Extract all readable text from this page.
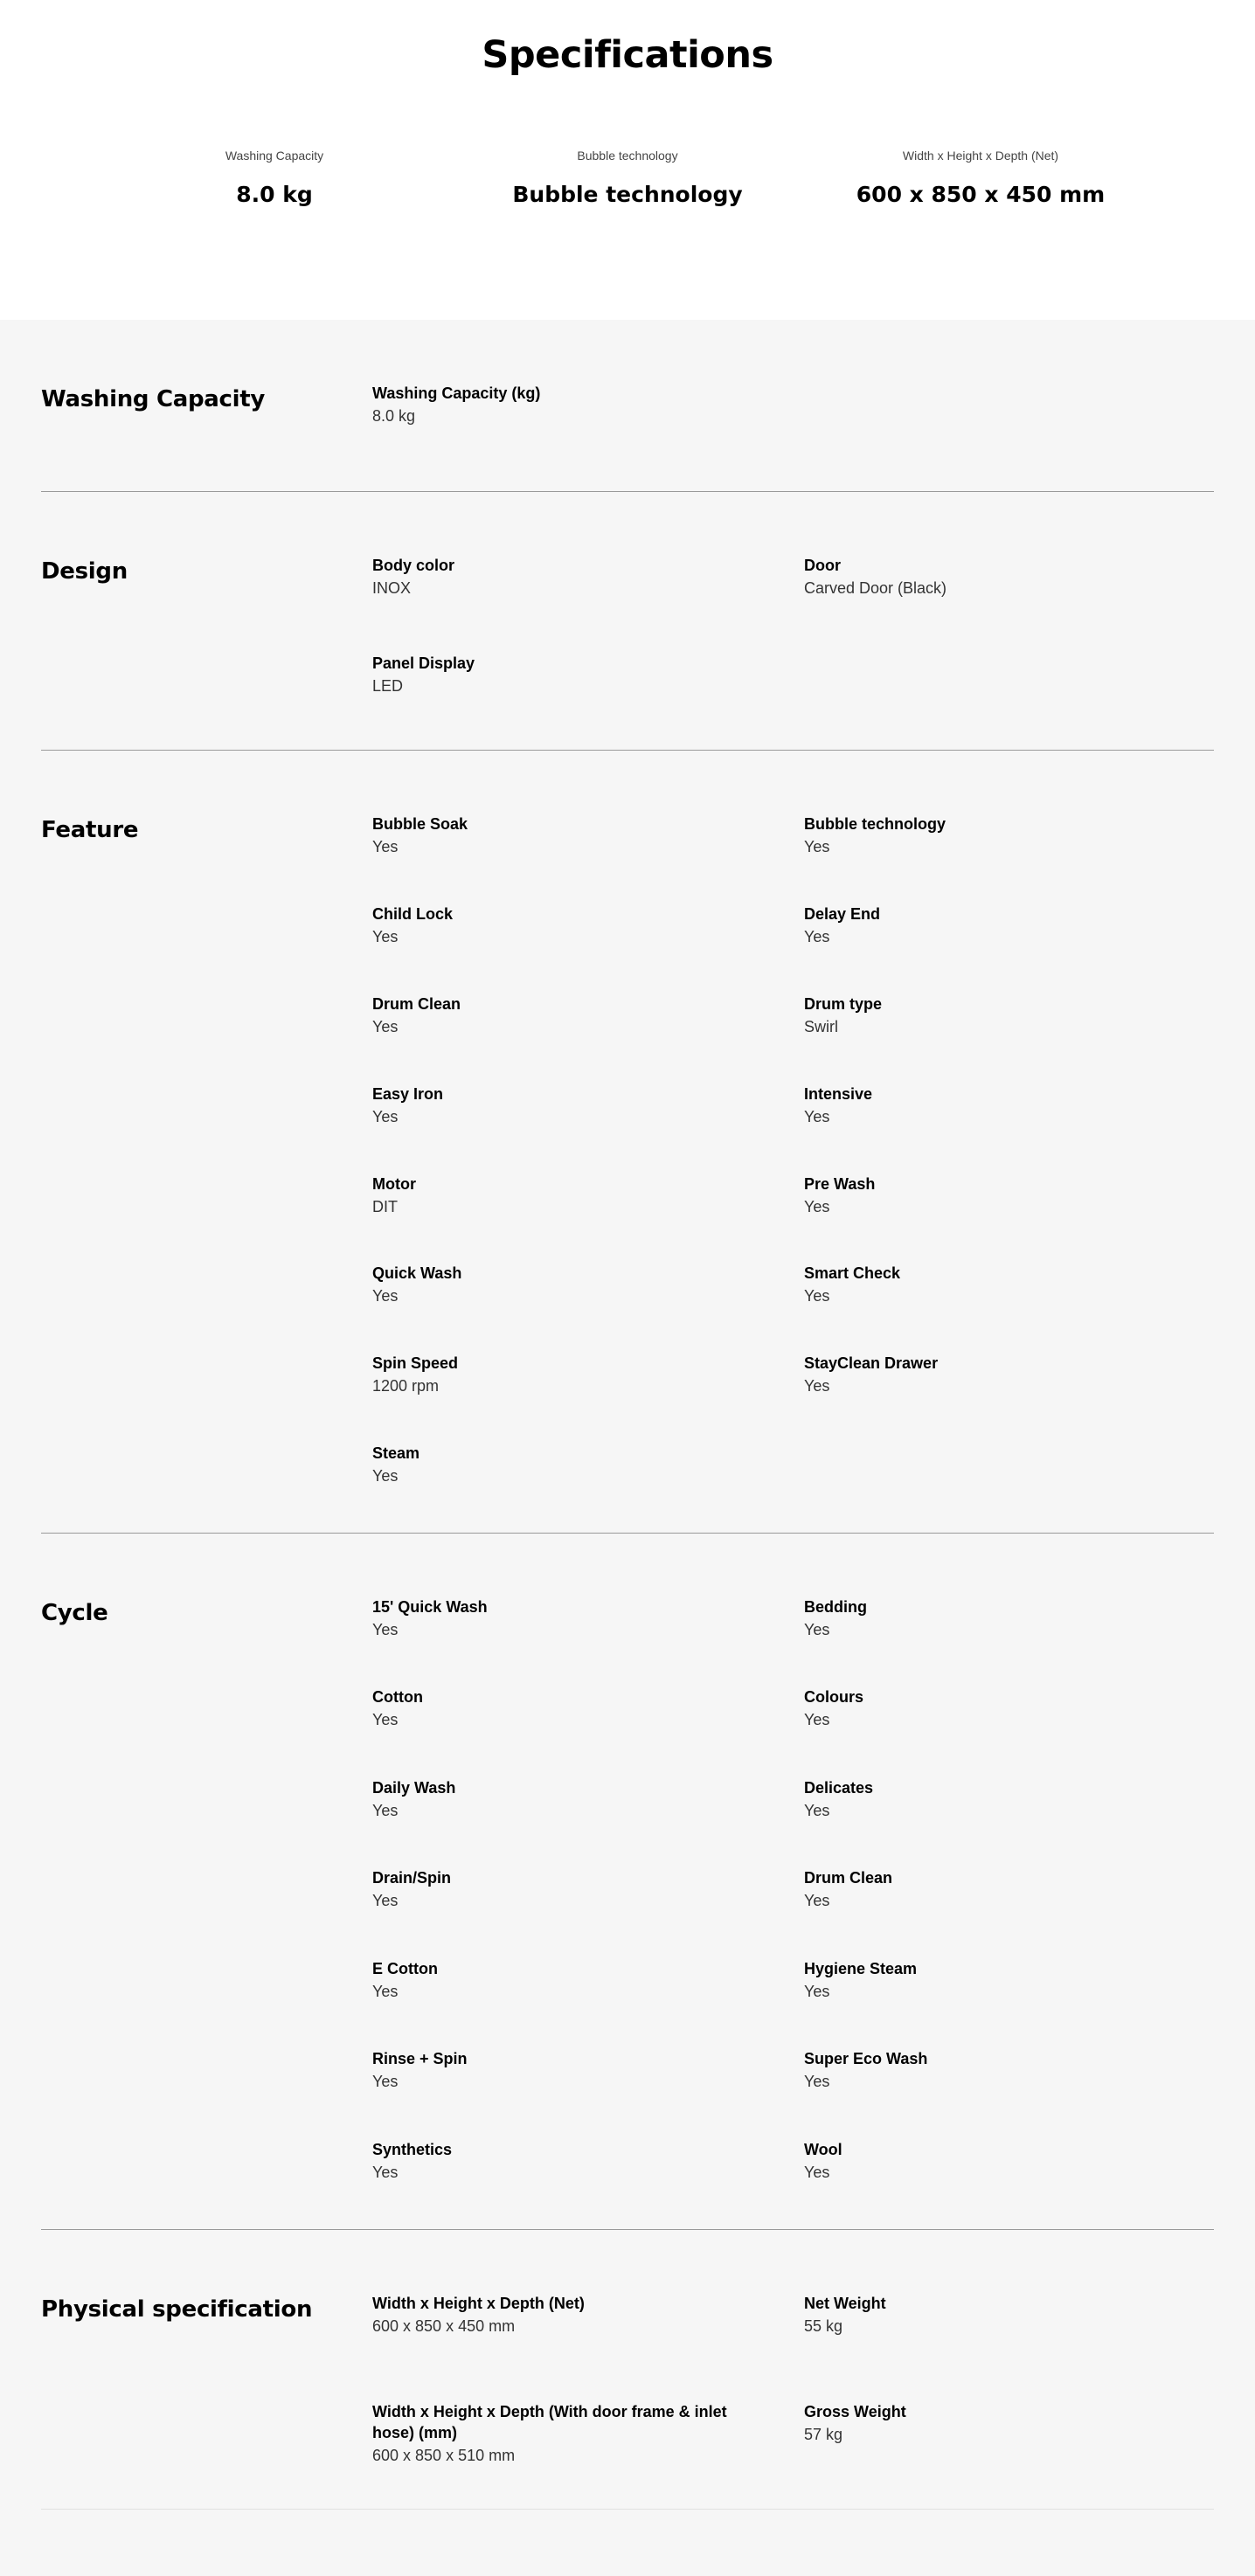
Specifications
Washing Capacity
8.0 kg
Bubble technology
Bubble technology
Width x Height x Depth (Net)
600 x 850 x 450 mm
Washing Capacity	Washing Capacity (kg)
8.0 kg
Design	Body color
INOX
Door
Carved Door (Black)
Panel Display
LED
Feature	Bubble Soak
Yes
Bubble technology
Yes
Child Lock
Yes
Delay End
Yes
Drum Clean
Yes
Drum type
Swirl
Easy Iron
Yes
Intensive
Yes
Motor
DIT
Pre Wash
Yes
Quick Wash
Yes
Smart Check
Yes
Spin Speed
1200 rpm
StayClean Drawer
Yes
Steam
Yes
Cycle	15' Quick Wash
Yes
Bedding
Yes
Cotton
Yes
Colours
Yes
Daily Wash
Yes
Delicates
Yes
Drain/Spin
Yes
Drum Clean
Yes
E Cotton
Yes
Hygiene Steam
Yes
Rinse + Spin
Yes
Super Eco Wash
Yes
Synthetics
Yes
Wool
Yes
Physical specification	Width x Height x Depth (Net)
600 x 850 x 450 mm
Net Weight
55 kg
Width x Height x Depth (With door frame & inlet hose) (mm)
600 x 850 x 510 mm
Gross Weight
57 kg
